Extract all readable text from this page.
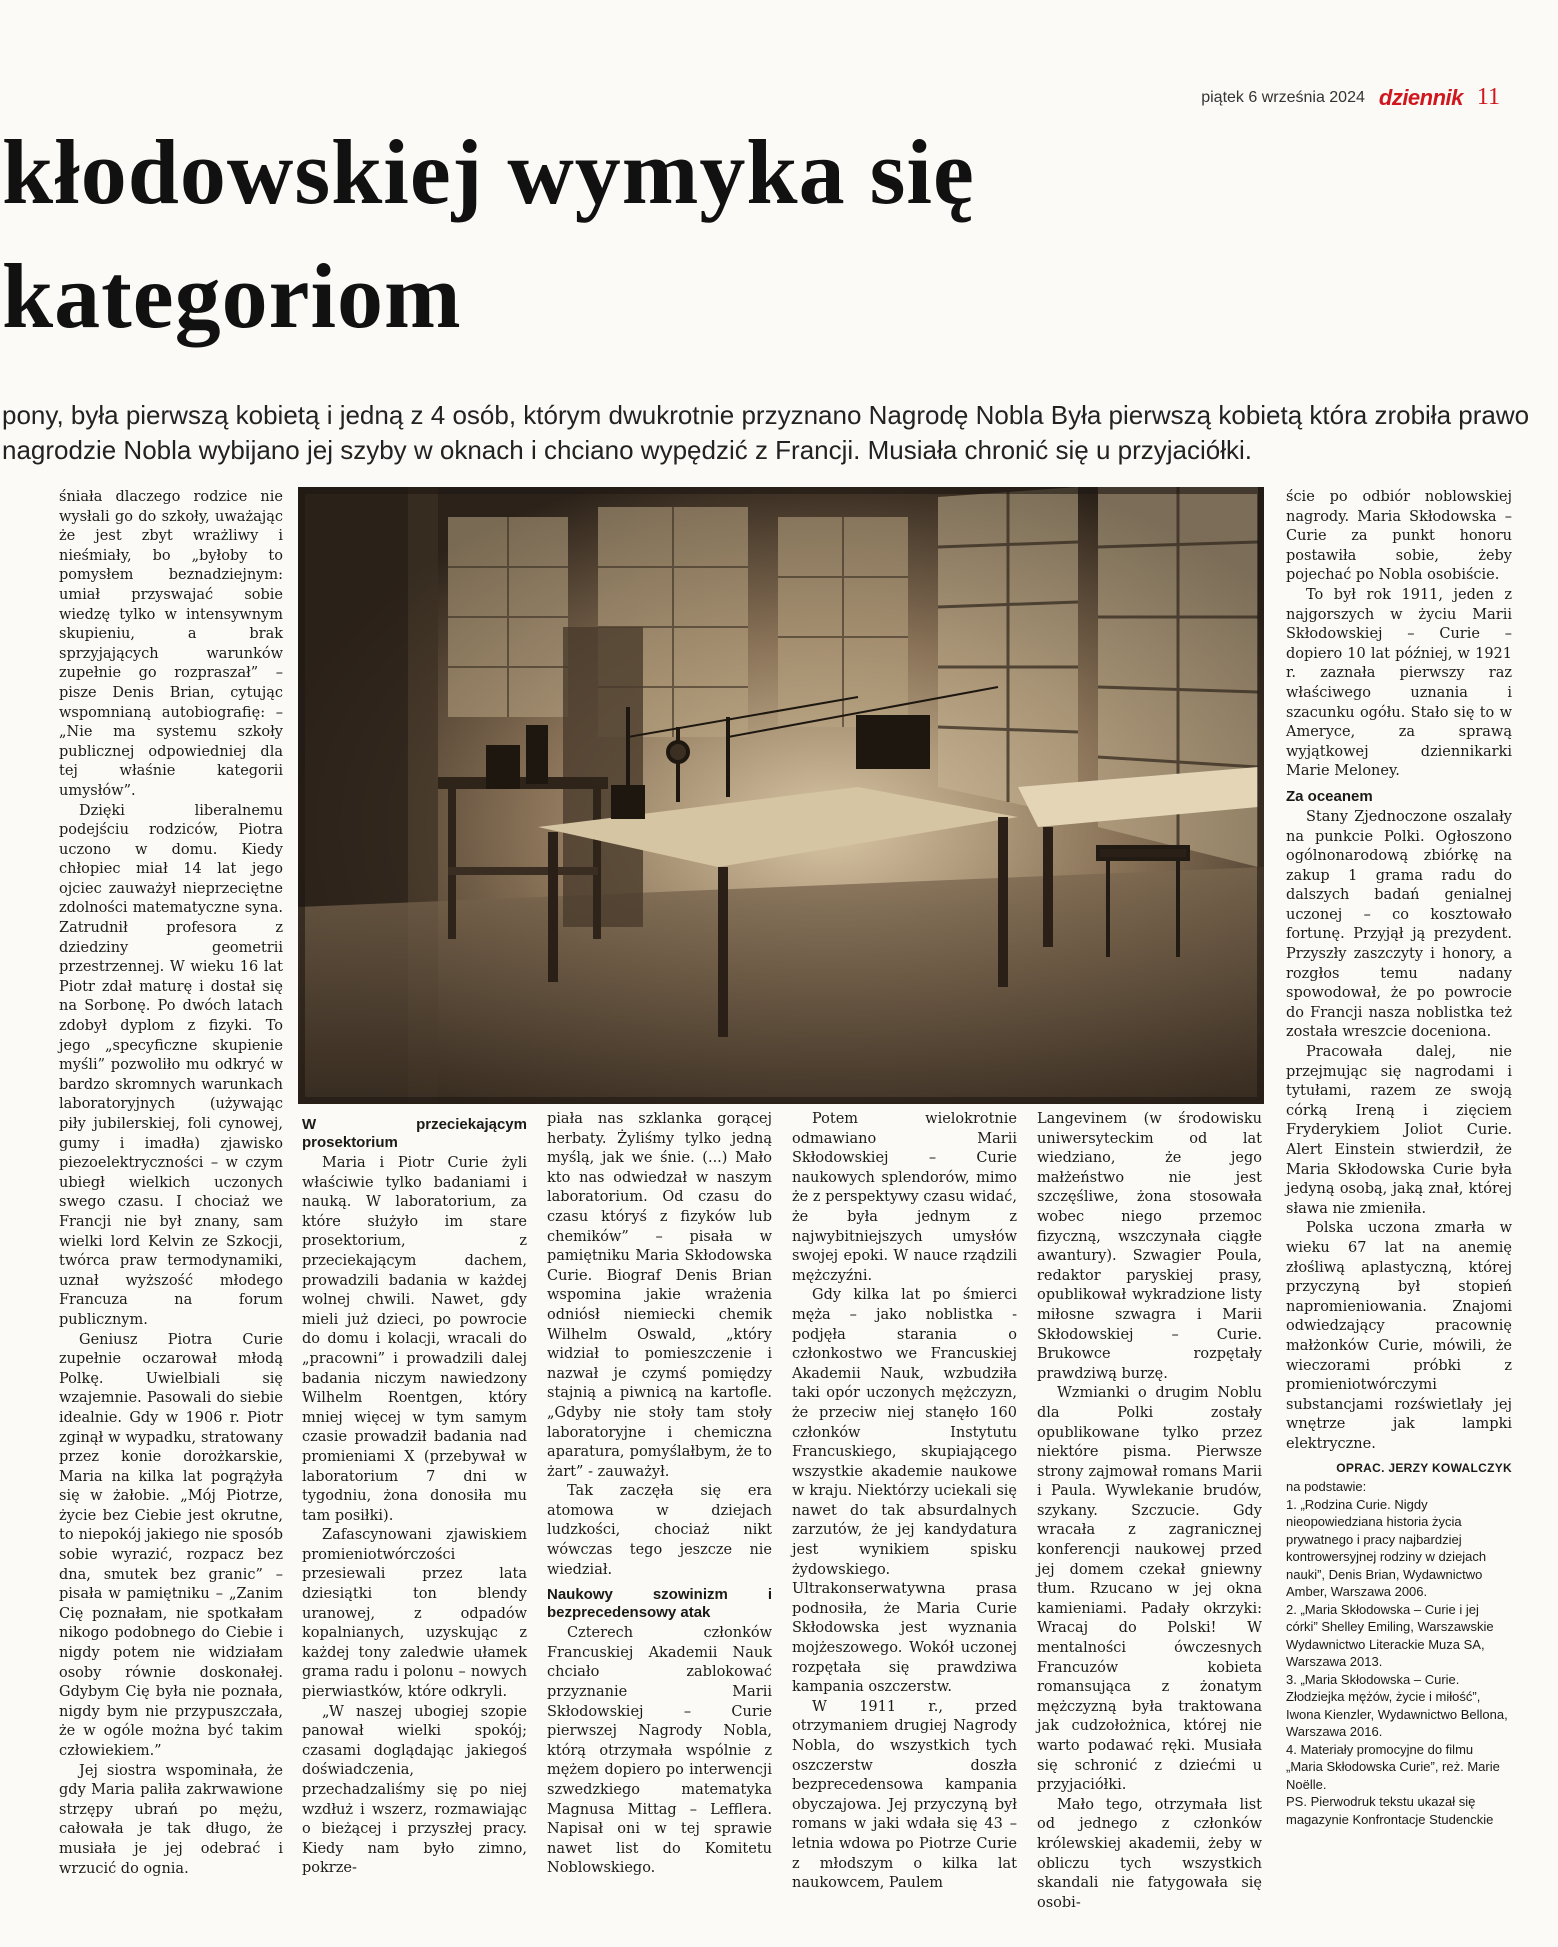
piątek 6 września 2024 dziennik 11
kłodowskiej wymyka się
kategoriom

pony, była pierwszą kobietą i jedną z 4 osób, którym dwukrotnie przyznano Nagrodę Nobla Była pierwszą kobietą która zrobiła prawo

nagrodzie Nobla wybijano jej szyby w oknach i chciano wypędzić z Francji. Musiała chronić się u przyjaciółki.

śniała dlaczego rodzice nie wysłali go do szkoły, uważając że jest zbyt wrażliwy i nieśmiały, bo „byłoby to pomysłem beznadziejnym: umiał przyswajać sobie wiedzę tylko w intensywnym skupieniu, a brak sprzyjających warunków zupełnie go rozpraszał” – pisze Denis Brian, cytując wspomnianą autobiografię: – „Nie ma systemu szkoły publicznej odpowiedniej dla tej właśnie kategorii umysłów”.

Dzięki liberalnemu podejściu rodziców, Piotra uczono w domu. Kiedy chłopiec miał 14 lat jego ojciec zauważył nieprzeciętne zdolności matematyczne syna. Zatrudnił profesora z dziedziny geometrii przestrzennej. W wieku 16 lat Piotr zdał maturę i dostał się na Sorbonę. Po dwóch latach zdobył dyplom z fizyki. To jego „specyficzne skupienie myśli” pozwoliło mu odkryć w bardzo skromnych warunkach laboratoryjnych (używając piły jubilerskiej, foli cynowej, gumy i imadła) zjawisko piezoelektryczności – w czym ubiegł wielkich uczonych swego czasu. I chociaż we Francji nie był znany, sam wielki lord Kelvin ze Szkocji, twórca praw termodynamiki, uznał wyższość młodego Francuza na forum publicznym.

Geniusz Piotra Curie zupełnie oczarował młodą Polkę. Uwielbiali się wzajemnie. Pasowali do siebie idealnie. Gdy w 1906 r. Piotr zginął w wypadku, stratowany przez konie dorożkarskie, Maria na kilka lat pogrążyła się w żałobie. „Mój Piotrze, życie bez Ciebie jest okrutne, to niepokój jakiego nie sposób sobie wyrazić, rozpacz bez dna, smutek bez granic” – pisała w pamiętniku – „Zanim Cię poznałam, nie spotkałam nikogo podobnego do Ciebie i nigdy potem nie widziałam osoby równie doskonałej. Gdybym Cię była nie poznała, nigdy bym nie przypuszczała, że w ogóle można być takim człowiekiem.”

Jej siostra wspominała, że gdy Maria paliła zakrwawione strzępy ubrań po mężu, całowała je tak długo, że musiała je jej odebrać i wrzucić do ognia.

W przeciekającym prosektorium

Maria i Piotr Curie żyli właściwie tylko badaniami i nauką. W laboratorium, za które służyło im stare prosektorium, z przeciekającym dachem, prowadzili badania w każdej wolnej chwili. Nawet, gdy mieli już dzieci, po powrocie do domu i kolacji, wracali do „pracowni” i prowadzili dalej badania niczym nawiedzony Wilhelm Roentgen, który mniej więcej w tym samym czasie prowadził badania nad promieniami X (przebywał w laboratorium 7 dni w tygodniu, żona donosiła mu tam posiłki).

Zafascynowani zjawiskiem promieniotwórczości przesiewali przez lata dziesiątki ton blendy uranowej, z odpadów kopalnianych, uzyskując z każdej tony zaledwie ułamek grama radu i polonu – nowych pierwiastków, które odkryli.

„W naszej ubogiej szopie panował wielki spokój; czasami doglądając jakiegoś doświadczenia, przechadzaliśmy się po niej wzdłuż i wszerz, rozmawiając o bieżącej i przyszłej pracy. Kiedy nam było zimno, pokrze-

piała nas szklanka gorącej herbaty. Żyliśmy tylko jedną myślą, jak we śnie. (...) Mało kto nas odwiedzał w naszym laboratorium. Od czasu do czasu któryś z fizyków lub chemików” – pisała w pamiętniku Maria Skłodowska Curie. Biograf Denis Brian wspomina jakie wrażenia odniósł niemiecki chemik Wilhelm Oswald, „który widział to pomieszczenie i nazwał je czymś pomiędzy stajnią a piwnicą na kartofle. „Gdyby nie stoły tam stoły laboratoryjne i chemiczna aparatura, pomyślałbym, że to żart” - zauważył.

Tak zaczęła się era atomowa w dziejach ludzkości, chociaż nikt wówczas tego jeszcze nie wiedział.

Naukowy szowinizm i bezprecedensowy atak

Czterech członków Francuskiej Akademii Nauk chciało zablokować przyznanie Marii Skłodowskiej – Curie pierwszej Nagrody Nobla, którą otrzymała wspólnie z mężem dopiero po interwencji szwedzkiego matematyka Magnusa Mittag – Lefflera. Napisał oni w tej sprawie nawet list do Komitetu Noblowskiego.

Potem wielokrotnie odmawiano Marii Skłodowskiej – Curie naukowych splendorów, mimo że z perspektywy czasu widać, że była jednym z najwybitniejszych umysłów swojej epoki. W nauce rządzili mężczyźni.

Gdy kilka lat po śmierci męża – jako noblistka - podjęła starania o członkostwo we Francuskiej Akademii Nauk, wzbudziła taki opór uczonych mężczyzn, że przeciw niej stanęło 160 członków Instytutu Francuskiego, skupiającego wszystkie akademie naukowe w kraju. Niektórzy uciekali się nawet do tak absurdalnych zarzutów, że jej kandydatura jest wynikiem spisku żydowskiego. Ultrakonserwatywna prasa podnosiła, że Maria Curie Skłodowska jest wyznania mojżeszowego. Wokół uczonej rozpętała się prawdziwa kampania oszczerstw.

W 1911 r., przed otrzymaniem drugiej Nagrody Nobla, do wszystkich tych oszczerstw doszła bezprecedensowa kampania obyczajowa. Jej przyczyną był romans w jaki wdała się 43 – letnia wdowa po Piotrze Curie z młodszym o kilka lat naukowcem, Paulem

Langevinem (w środowisku uniwersyteckim od lat wiedziano, że jego małżeństwo nie jest szczęśliwe, żona stosowała wobec niego przemoc fizyczną, wszczynała ciągłe awantury). Szwagier Poula, redaktor paryskiej prasy, opublikował wykradzione listy miłosne szwagra i Marii Skłodowskiej – Curie. Brukowce rozpętały prawdziwą burzę.

Wzmianki o drugim Noblu dla Polki zostały opublikowane tylko przez niektóre pisma. Pierwsze strony zajmował romans Marii i Paula. Wywlekanie brudów, szykany. Szczucie. Gdy wracała z zagranicznej konferencji naukowej przed jej domem czekał gniewny tłum. Rzucano w jej okna kamieniami. Padały okrzyki: Wracaj do Polski! W mentalności ówczesnych Francuzów kobieta romansująca z żonatym mężczyzną była traktowana jak cudzołożnica, której nie warto podawać ręki. Musiała się schronić z dziećmi u przyjaciółki.

Mało tego, otrzymała list od jednego z członków królewskiej akademii, żeby w obliczu tych wszystkich skandali nie fatygowała się osobi-

ście po odbiór noblowskiej nagrody. Maria Skłodowska – Curie za punkt honoru postawiła sobie, żeby pojechać po Nobla osobiście.

To był rok 1911, jeden z najgorszych w życiu Marii Skłodowskiej – Curie – dopiero 10 lat później, w 1921 r. zaznała pierwszy raz właściwego uznania i szacunku ogółu. Stało się to w Ameryce, za sprawą wyjątkowej dziennikarki Marie Meloney.

Za oceanem

Stany Zjednoczone oszalały na punkcie Polki. Ogłoszono ogólnonarodową zbiórkę na zakup 1 grama radu do dalszych badań genialnej uczonej – co kosztowało fortunę. Przyjął ją prezydent. Przyszły zaszczyty i honory, a rozgłos temu nadany spowodował, że po powrocie do Francji nasza noblistka też została wreszcie doceniona.

Pracowała dalej, nie przejmując się nagrodami i tytułami, razem ze swoją córką Ireną i zięciem Fryderykiem Joliot Curie. Alert Einstein stwierdził, że Maria Skłodowska Curie była jedyną osobą, jaką znał, której sława nie zmieniła.

Polska uczona zmarła w wieku 67 lat na anemię złośliwą aplastyczną, której przyczyną był stopień napromieniowania. Znajomi odwiedzający pracownię małżonków Curie, mówili, że wieczorami próbki z promieniotwórczymi substancjami rozświetlały jej wnętrze jak lampki elektryczne.

OPRAC. JERZY KOWALCZYK

na podstawie:

1. „Rodzina Curie. Nigdy nieopowiedziana historia życia prywatnego i pracy najbardziej kontrowersyjnej rodziny w dziejach nauki”, Denis Brian, Wydawnictwo Amber, Warszawa 2006.

2. „Maria Skłodowska – Curie i jej córki” Shelley Emiling, Warszawskie Wydawnictwo Literackie Muza SA, Warszawa 2013.

3. „Maria Skłodowska – Curie. Złodziejka mężów, życie i miłość”, Iwona Kienzler, Wydawnictwo Bellona, Warszawa 2016.

4. Materiały promocyjne do filmu „Maria Skłodowska Curie”, reż. Marie Noëlle.

PS. Pierwodruk tekstu ukazał się magazynie Konfrontacje Studenckie
